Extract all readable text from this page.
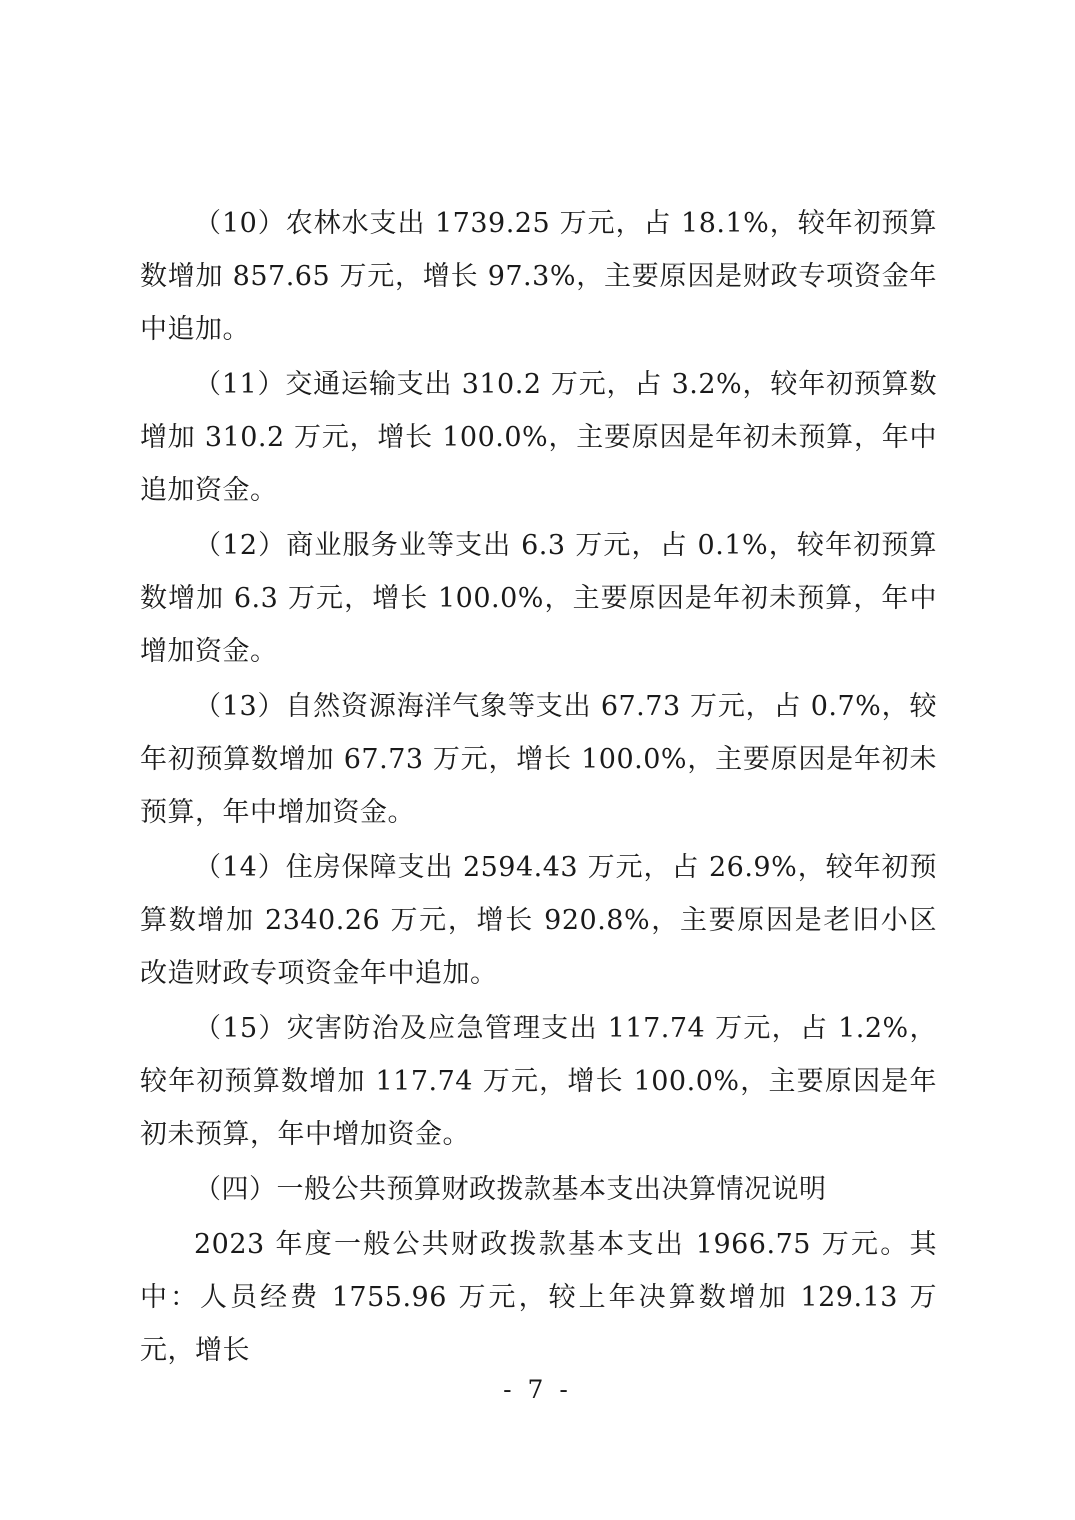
（10）农林水支出 1739.25 万元，占 18.1%，较年初预算数增加 857.65 万元，增长 97.3%，主要原因是财政专项资金年中追加。

（11）交通运输支出 310.2 万元，占 3.2%，较年初预算数增加 310.2 万元，增长 100.0%，主要原因是年初未预算，年中追加资金。

（12）商业服务业等支出 6.3 万元，占 0.1%，较年初预算数增加 6.3 万元，增长 100.0%，主要原因是年初未预算，年中增加资金。

（13）自然资源海洋气象等支出 67.73 万元，占 0.7%，较年初预算数增加 67.73 万元，增长 100.0%，主要原因是年初未预算，年中增加资金。

（14）住房保障支出 2594.43 万元，占 26.9%，较年初预算数增加 2340.26 万元，增长 920.8%，主要原因是老旧小区改造财政专项资金年中追加。

（15）灾害防治及应急管理支出 117.74 万元，占 1.2%，较年初预算数增加 117.74 万元，增长 100.0%，主要原因是年初未预算，年中增加资金。

（四）一般公共预算财政拨款基本支出决算情况说明

2023 年度一般公共财政拨款基本支出 1966.75 万元。其中：人员经费 1755.96 万元，较上年决算数增加 129.13 万元，增长

- 7 -
